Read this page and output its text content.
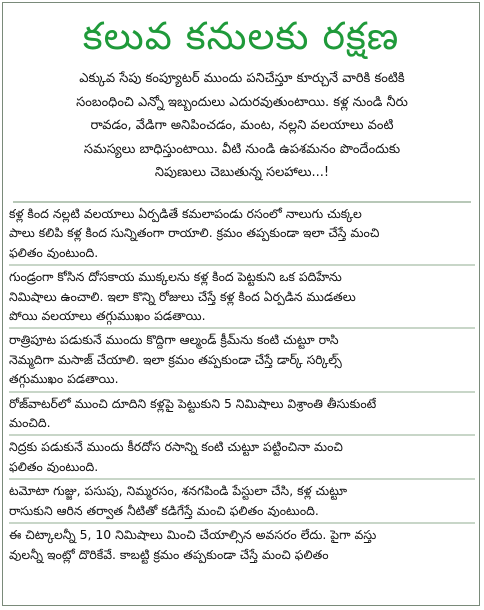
కలువ కనులకు రక్షణ

ఎక్కువ సేపు కంప్యూటర్ ముందు పనిచేస్తూ కూర్చునే వారికి కంటికి

సంబంధించి ఎన్నో ఇబ్బందులు ఎదురవుతుంటాయి. కళ్ల నుండి నీరు

రావడం, వేడిగా అనిపించడం, మంట, నల్లని వలయాలు వంటి

సమస్యలు బాధిస్తుంటాయి. వీటి నుండి ఉపశమనం పొందేందుకు

నిపుణులు చెబుతున్న సలహాలు...!

కళ్ల కింద నల్లటి వలయాలు ఏర్పడితే కమలాపండు రసంలో నాలుగు చుక్కల
పాలు కలిపి కళ్ల కింద సున్నితంగా రాయాలి. క్రమం తప్పకుండా ఇలా చేస్తే మంచి
ఫలితం వుంటుంది.
గుండ్రంగా కోసిన దోసకాయ ముక్కలను కళ్ల కింద పెట్టకుని ఒక పదిహేను
నిమిషాలు ఉంచాలి. ఇలా కొన్ని రోజులు చేస్తే కళ్ల కింద ఏర్పడిన ముడతలు
పోయి వలయాలు తగ్గుముఖం పడతాయి.
రాత్రిపూట పడుకునే ముందు కొద్దిగా ఆల్మండ్ క్రీమ్‌ను కంటి చుట్టూ రాసి
నెమ్మదిగా మసాజ్ చేయాలి. ఇలా క్రమం తప్పకుండా చేస్తే డార్క్ సర్కిల్స్
తగ్గుముఖం పడతాయి.
రోజ్‌వాటర్‌లో ముంచి దూదిని కళ్లపై పెట్టుకుని 5 నిమిషాలు విశ్రాంతి తీసుకుంటే
మంచిది.
నిద్రకు పడుకునే ముందు కీరదోస రసాన్ని కంటి చుట్టూ పట్టించినా మంచి
ఫలితం వుంటుంది.
టమోటా గుజ్జు, పసుపు, నిమ్మరసం, శనగపిండి పేస్టులా చేసి, కళ్ల చుట్టూ
రాసుకుని ఆరిన తర్వాత నీటితో కడిగేస్తే మంచి ఫలితం వుంటుంది.
ఈ చిట్కాలన్నీ 5, 10 నిమిషాలు మించి చేయాల్సిన అవసరం లేదు. పైగా వస్తు
వులన్నీ ఇంట్లో దొరికేవే. కాబట్టి క్రమం తప్పకుండా చేస్తే మంచి ఫలితం
